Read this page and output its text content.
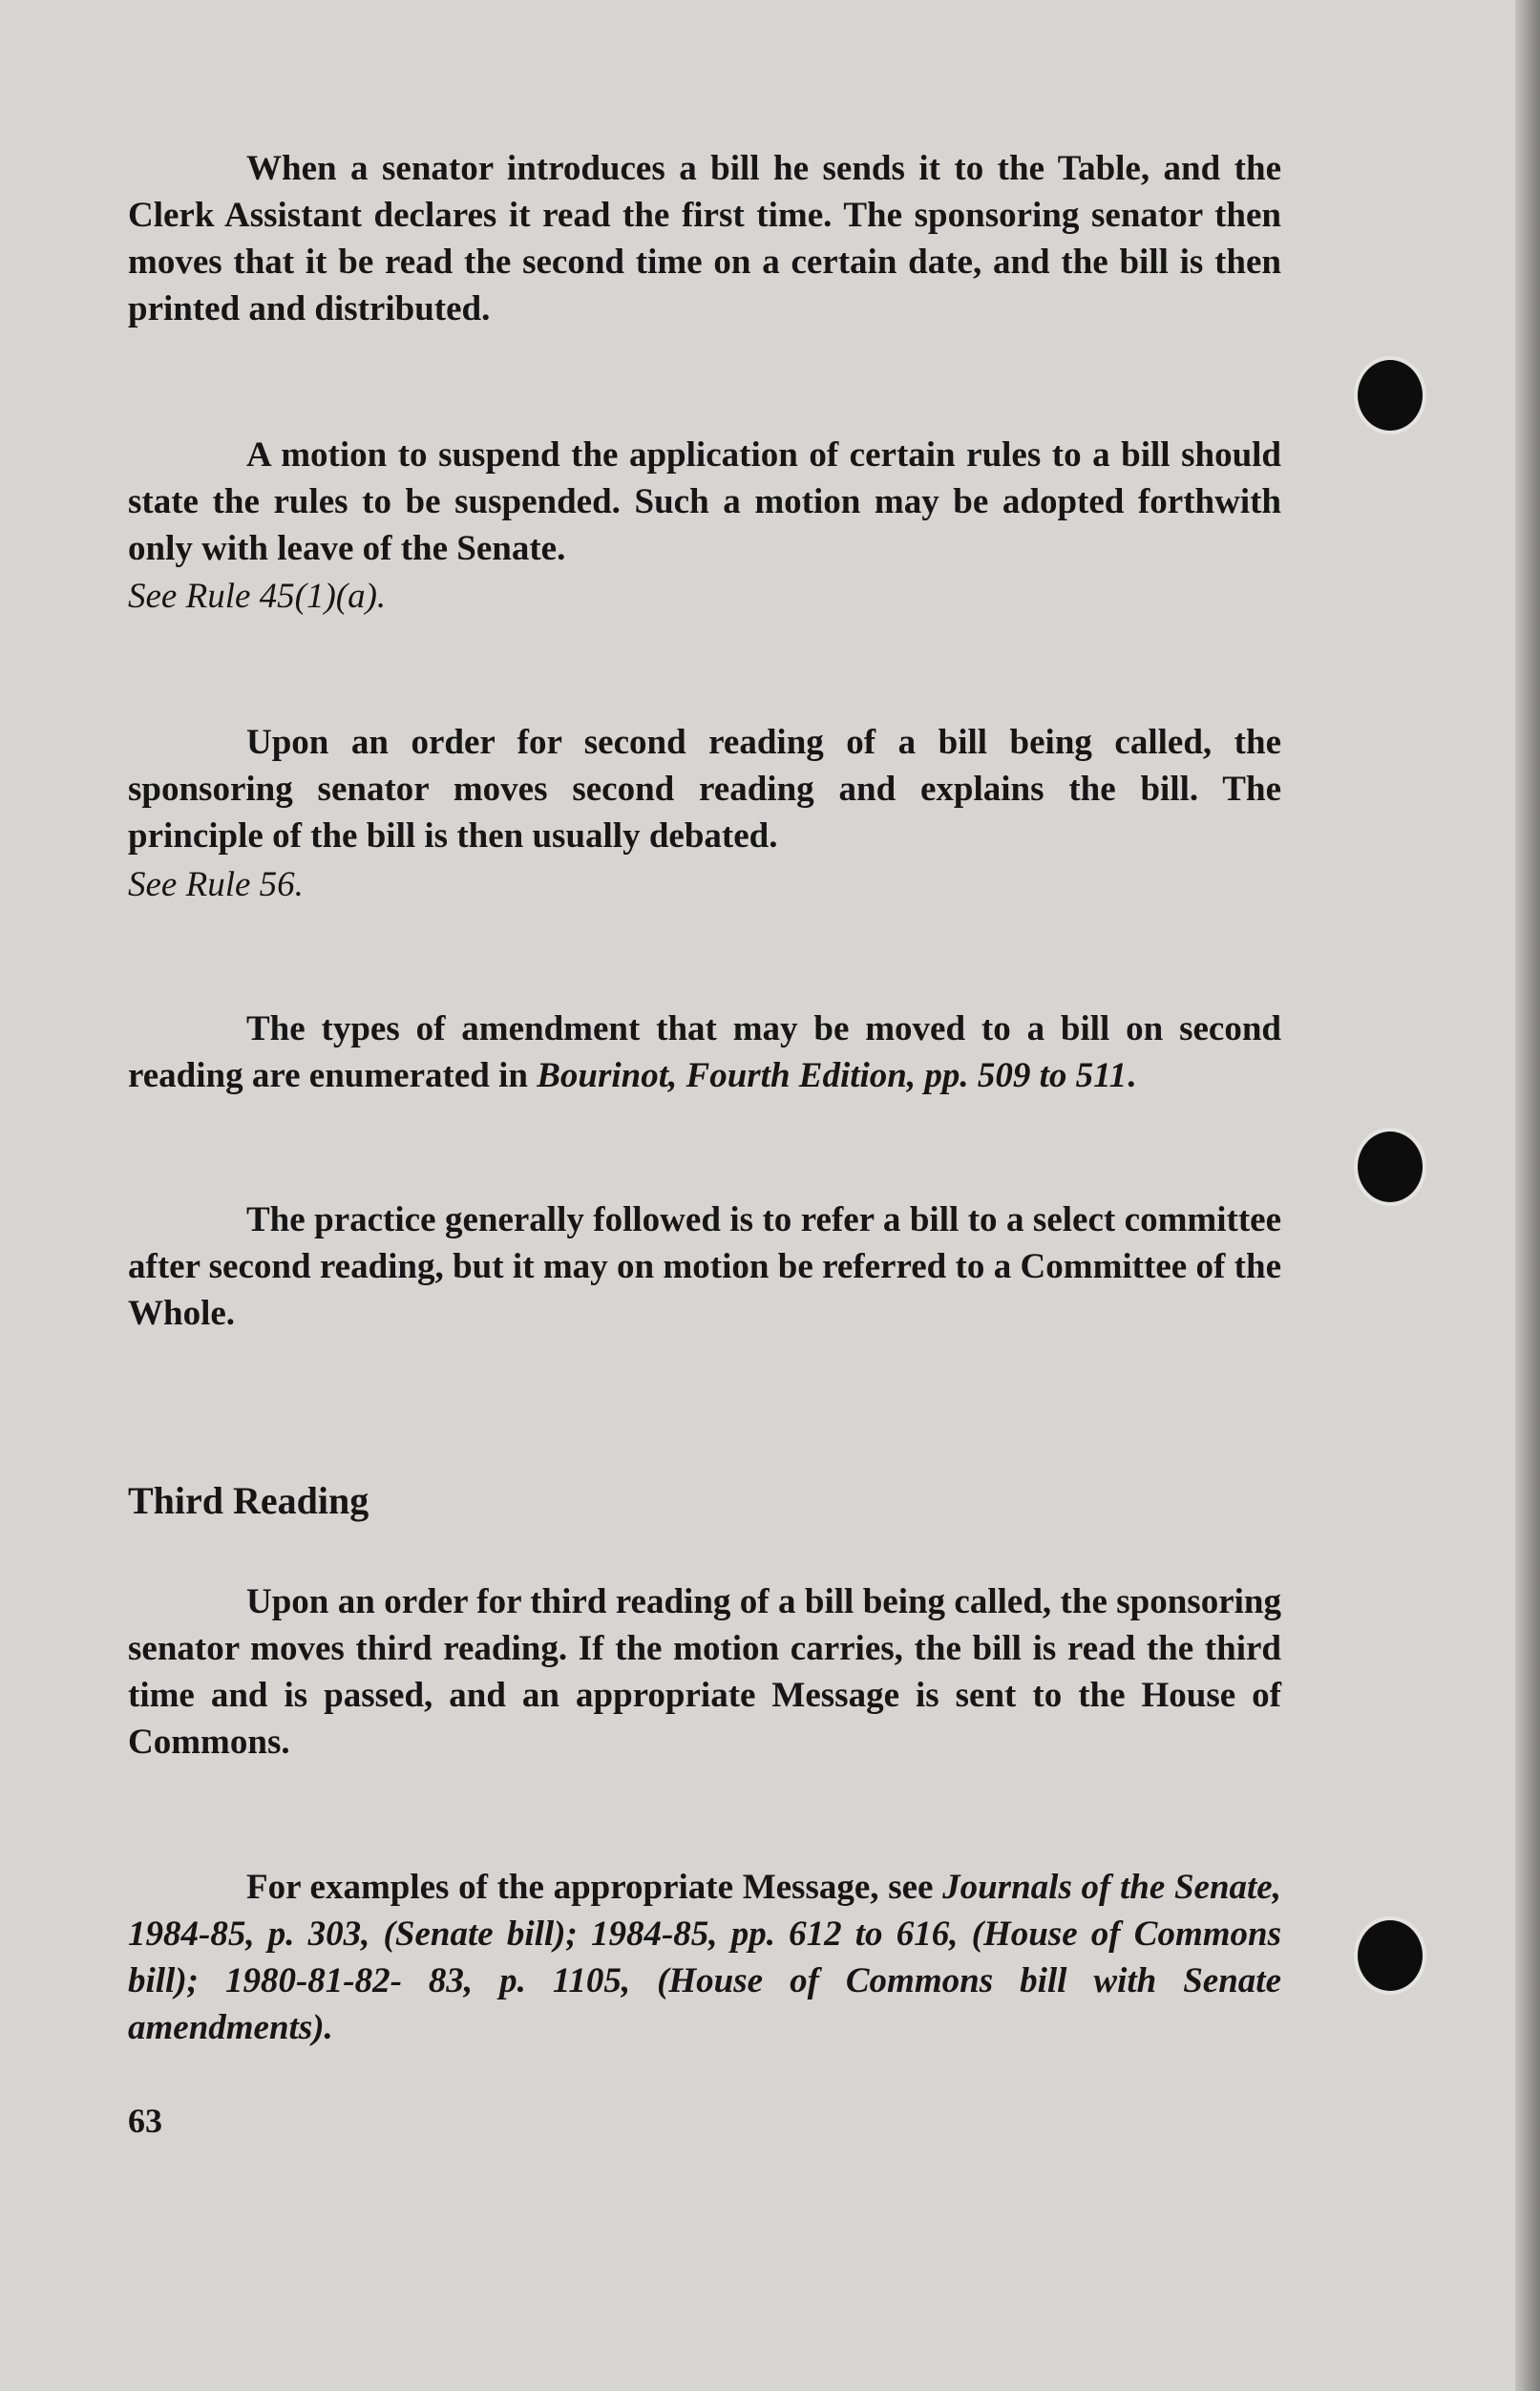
When a senator introduces a bill he sends it to the Table, and the Clerk Assistant declares it read the first time. The sponsoring senator then moves that it be read the second time on a certain date, and the bill is then printed and distributed.

A motion to suspend the application of certain rules to a bill should state the rules to be suspended. Such a motion may be adopted forthwith only with leave of the Senate.

See Rule 45(1)(a).

Upon an order for second reading of a bill being called, the sponsoring senator moves second reading and explains the bill. The principle of the bill is then usually debated.

See Rule 56.

The types of amendment that may be moved to a bill on second reading are enumerated in Bourinot, Fourth Edition, pp. 509 to 511.

The practice generally followed is to refer a bill to a select committee after second reading, but it may on motion be referred to a Committee of the Whole.

Third Reading

Upon an order for third reading of a bill being called, the sponsoring senator moves third reading. If the motion carries, the bill is read the third time and is passed, and an appropriate Message is sent to the House of Commons.

For examples of the appropriate Message, see Journals of the Senate, 1984-85, p. 303, (Senate bill); 1984-85, pp. 612 to 616, (House of Commons bill); 1980-81-82- 83, p. 1105, (House of Commons bill with Senate amendments).

63
